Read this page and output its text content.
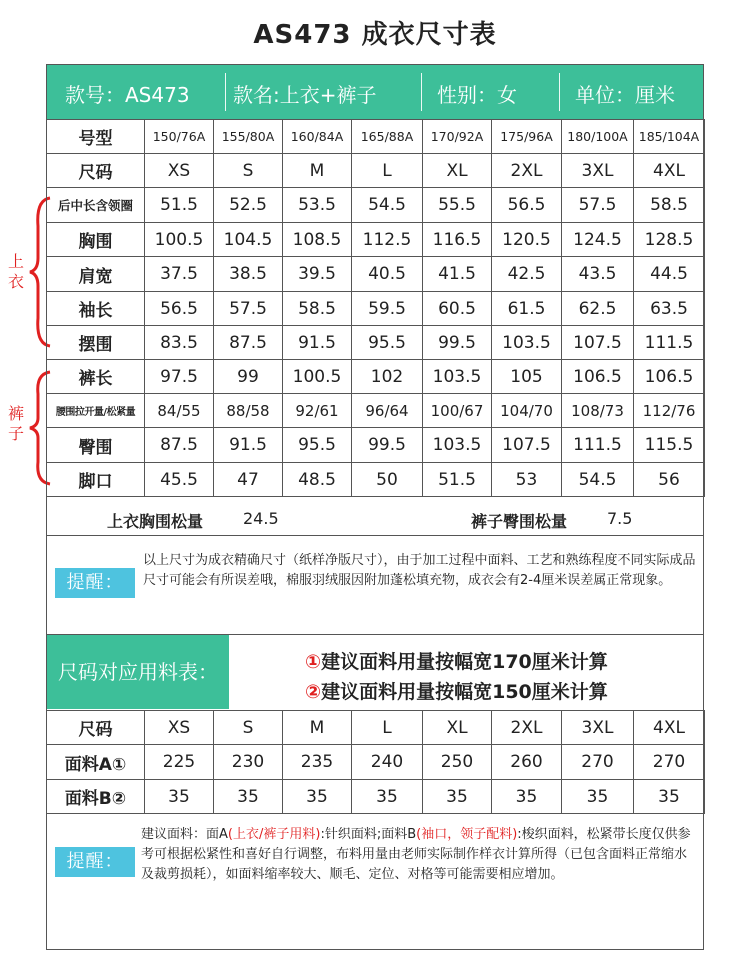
AS473 成衣尺寸表
上衣
裤子
款号：AS473 款名:上衣+裤子	性别：女	单位：厘米
号型	150/76A	155/80A	160/84A	165/88A	170/92A	175/96A	180/100A	185/104A
尺码	XS	S	M	L	XL	2XL	3XL	4XL
后中长含领圈	51.5	52.5	53.5	54.5	55.5	56.5	57.5	58.5
胸围	100.5	104.5	108.5	112.5	116.5	120.5	124.5	128.5
肩宽	37.5	38.5	39.5	40.5	41.5	42.5	43.5	44.5
袖长	56.5	57.5	58.5	59.5	60.5	61.5	62.5	63.5
摆围	83.5	87.5	91.5	95.5	99.5	103.5	107.5	111.5
裤长	97.5	99	100.5	102	103.5	105	106.5	106.5
腰围拉开量/松紧量	84/55	88/58	92/61	96/64	100/67	104/70	108/73	112/76
臀围	87.5	91.5	95.5	99.5	103.5	107.5	111.5	115.5
脚口	45.5	47	48.5	50	51.5	53	54.5	56
上衣胸围松量 24.5	裤子臀围松量 7.5
提醒：
以上尺寸为成衣精确尺寸（纸样净版尺寸），由于加工过程中面料、工艺和熟练程度不同实际成品尺寸可能会有所误差哦，棉服羽绒服因附加蓬松填充物，成衣会有2-4厘米误差属正常现象。
尺码对应用料表：	①建议面料用量按幅宽170厘米计算
②建议面料用量按幅宽150厘米计算
尺码	XS	S	M	L	XL	2XL	3XL	4XL
面料A①	225	230	235	240	250	260	270	270
面料B②	35	35	35	35	35	35	35	35
提醒：
建议面料：面A(上衣/裤子用料):针织面料;面料B(袖口，领子配料):梭织面料，松紧带长度仅供参考可根据松紧性和喜好自行调整，布料用量由老师实际制作样衣计算所得（已包含面料正常缩水及裁剪损耗），如面料缩率较大、顺毛、定位、对格等可能需要相应增加。
